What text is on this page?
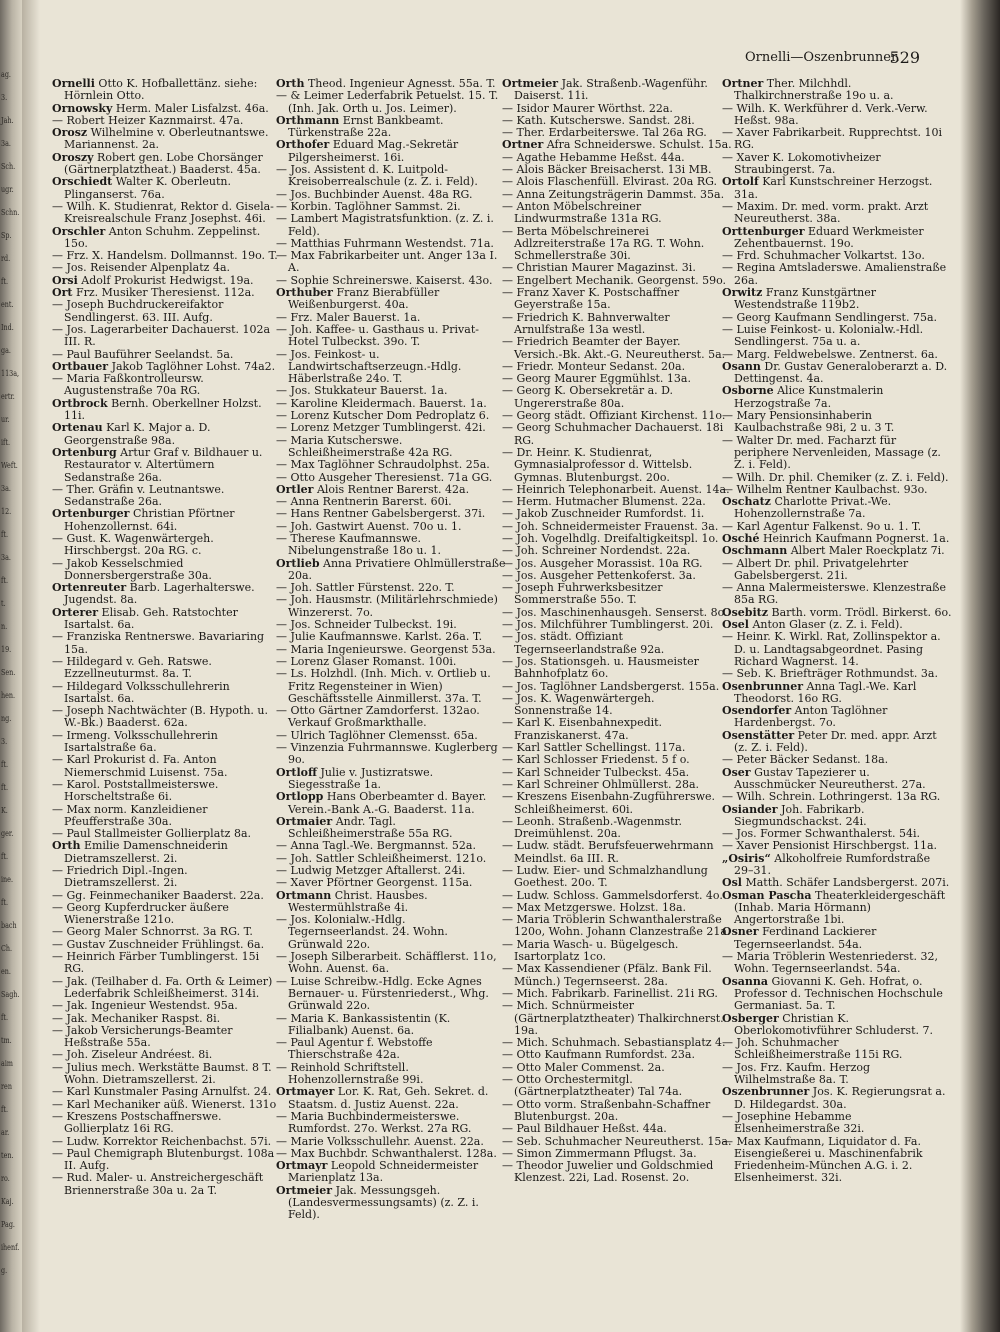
ag.
3.
Jah.
3a.
Sch.
ugr.
Schn.
Sp.
rd.
ft.
ent.
Ind.
ga.
113a,
ertr.
ur.
ift.
Weft.
3a.
12.
ft.
3a.
ft.
t.
n.
19.
Sen.
hen.
ng.
3.
ft.
ft.
K.
ger.
ft.
ine.
ft.
bach
Ch.
en.
Sagh.
ft.
tm.
aim
ren
ft.
ar.
ten.
ro.
Kaj.
Pag.
ihenf.
g.
Ornelli—Oszenbrunner.
529
Ornelli Otto K. Hofballettänz. siehe: Hörnlein Otto.
Ornowsky Herm. Maler Lisfalzst. 46a.
— Robert Heizer Kaznmairst. 47a.
Orosz Wilhelmine v. Oberleutnantswe. Mariannenst. 2a.
Oroszy Robert gen. Lobe Chorsänger (Gärtnerplatztheat.) Baaderst. 45a.
Orschiedt Walter K. Oberleutn. Plinganserst. 76a.
— Wilh. K. Studienrat, Rektor d. Gisela-Kreisrealschule Franz Josephst. 46i.
Orschler Anton Schuhm. Zeppelinst. 15o.
— Frz. X. Handelsm. Dollmannst. 19o. T.
— Jos. Reisender Alpenplatz 4a.
Orsi Adolf Prokurist Hedwigst. 19a.
Ort Frz. Musiker Theresienst. 112a.
— Joseph Buchdruckereifaktor Sendlingerst. 63. III. Aufg.
— Jos. Lagerarbeiter Dachauerst. 102a III. R.
— Paul Bauführer Seelandst. 5a.
Ortbauer Jakob Taglöhner Lohst. 74a2.
— Maria Faßkontrolleursw. Augustenstraße 70a RG.
Ortbrock Bernh. Oberkellner Holzst. 11i.
Ortenau Karl K. Major a. D. Georgenstraße 98a.
Ortenburg Artur Graf v. Bildhauer u. Restaurator v. Altertümern Sedanstraße 26a.
— Ther. Gräfin v. Leutnantswe. Sedanstraße 26a.
Ortenburger Christian Pförtner Hohenzollernst. 64i.
— Gust. K. Wagenwärtergeh. Hirschbergst. 20a RG. c.
— Jakob Kesselschmied Donnersbergerstraße 30a.
Ortenreuter Barb. Lagerhalterswe. Jugendst. 8a.
Orterer Elisab. Geh. Ratstochter Isartalst. 6a.
— Franziska Rentnerswe. Bavariaring 15a.
— Hildegard v. Geh. Ratswe. Ezzellneuturmst. 8a. T.
— Hildegard Volksschullehrerin Isartalst. 6a.
— Joseph Nachtwächter (B. Hypoth. u. W.-Bk.) Baaderst. 62a.
— Irmeng. Volksschullehrerin Isartalstraße 6a.
— Karl Prokurist d. Fa. Anton Niemerschmid Luisenst. 75a.
— Karol. Poststallmeisterswe. Horscheltstraße 6i.
— Max norm. Kanzleidiener Pfeufferstraße 30a.
— Paul Stallmeister Gollierplatz 8a.
Orth Emilie Damenschneiderin Dietramszellerst. 2i.
— Friedrich Dipl.-Ingen. Dietramszellerst. 2i.
— Gg. Feinmechaniker Baaderst. 22a.
— Georg Kupferdrucker äußere Wienerstraße 121o.
— Georg Maler Schnorrst. 3a RG. T.
— Gustav Zuschneider Frühlingst. 6a.
— Heinrich Färber Tumblingerst. 15i RG.
— Jak. (Teilhaber d. Fa. Orth & Leimer) Lederfabrik Schleißheimerst. 314i.
— Jak. Ingenieur Westendst. 95a.
— Jak. Mechaniker Raspst. 8i.
— Jakob Versicherungs-Beamter Heßstraße 55a.
— Joh. Ziseleur Andréest. 8i.
— Julius mech. Werkstätte Baumst. 8 T. Wohn. Dietramszellerst. 2i.
— Karl Kunstmaler Pasing Arnulfst. 24.
— Karl Mechaniker aüß. Wienerst. 131o
— Kreszens Postschaffnerswe. Gollierplatz 16i RG.
— Ludw. Korrektor Reichenbachst. 57i.
— Paul Chemigraph Blutenburgst. 108a II. Aufg.
— Rud. Maler- u. Anstreichergeschäft Briennerstraße 30a u. 2a T.
Orth Theod. Ingenieur Agnesst. 55a. T.
— & Leimer Lederfabrik Petuelst. 15. T. (Inh. Jak. Orth u. Jos. Leimer).
Orthmann Ernst Bankbeamt. Türkenstraße 22a.
Orthofer Eduard Mag.-Sekretär Pilgersheimerst. 16i.
— Jos. Assistent d. K. Luitpold-Kreisoberrealschule (z. Z. i. Feld).
— Jos. Buchbinder Auenst. 48a RG.
— Korbin. Taglöhner Sammst. 2i.
— Lambert Magistratsfunktion. (z. Z. i. Feld).
— Matthias Fuhrmann Westendst. 71a.
— Max Fabrikarbeiter unt. Anger 13a I. A.
— Sophie Schreinerswe. Kaiserst. 43o.
Orthuber Franz Bierabfüller Weißenburgerst. 40a.
— Frz. Maler Bauerst. 1a.
— Joh. Kaffee- u. Gasthaus u. Privat-Hotel Tulbeckst. 39o. T.
— Jos. Feinkost- u. Landwirtschaftserzeugn.-Hdlg. Häberlstraße 24o. T.
— Jos. Stukkateur Bauerst. 1a.
— Karoline Kleidermach. Bauerst. 1a.
— Lorenz Kutscher Dom Pedroplatz 6.
— Lorenz Metzger Tumblingerst. 42i.
— Maria Kutscherswe. Schleißheimerstraße 42a RG.
— Max Taglöhner Schraudolphst. 25a.
— Otto Ausgeher Theresienst. 71a GG.
Ortler Alois Rentner Barerst. 42a.
— Anna Rentnerin Barerst. 60i.
— Hans Rentner Gabelsbergerst. 37i.
— Joh. Gastwirt Auenst. 70o u. 1.
— Therese Kaufmannswe. Nibelungenstraße 18o u. 1.
Ortlieb Anna Privatiere Ohlmüllerstraße 20a.
— Joh. Sattler Fürstenst. 22o. T.
— Joh. Hausmstr. (Militärlehrschmiede) Winzererst. 7o.
— Jos. Schneider Tulbeckst. 19i.
— Julie Kaufmannswe. Karlst. 26a. T.
— Maria Ingenieurswe. Georgenst 53a.
— Lorenz Glaser Romanst. 100i.
— Ls. Holzhdl. (Inh. Mich. v. Ortlieb u. Fritz Regensteiner in Wien) Geschäftsstelle Ainmillerst. 37a. T.
— Otto Gärtner Zamdorferst. 132ao. Verkauf Großmarkthalle.
— Ulrich Taglöhner Clemensst. 65a.
— Vinzenzia Fuhrmannswe. Kuglerberg 9o.
Ortloff Julie v. Justizratswe. Siegesstraße 1a.
Ortlopp Hans Oberbeamter d. Bayer. Verein.-Bank A.-G. Baaderst. 11a.
Ortmaier Andr. Tagl. Schleißheimerstraße 55a RG.
— Anna Tagl.-We. Bergmannst. 52a.
— Joh. Sattler Schleißheimerst. 121o.
— Ludwig Metzger Aftallerst. 24i.
— Xaver Pförtner Georgenst. 115a.
Ortmann Christ. Hausbes. Westermühlstraße 4i.
— Jos. Kolonialw.-Hdlg. Tegernseerlandst. 24. Wohn. Grünwald 22o.
— Joseph Silberarbeit. Schäfflerst. 11o, Wohn. Auenst. 6a.
— Luise Schreibw.-Hdlg. Ecke Agnes Bernauer- u. Fürstenriederst., Whg. Grünwald 22o.
— Maria K. Bankassistentin (K. Filialbank) Auenst. 6a.
— Paul Agentur f. Webstoffe Thierschstraße 42a.
— Reinhold Schriftstell. Hohenzollernstraße 99i.
Ortmayer Lor. K. Rat, Geh. Sekret. d. Staatsm. d. Justiz Auenst. 22a.
— Maria Buchbindermeisterswe. Rumfordst. 27o. Werkst. 27a RG.
— Marie Volksschullehr. Auenst. 22a.
— Max Buchbdr. Schwanthalerst. 128a.
Ortmayr Leopold Schneidermeister Marienplatz 13a.
Ortmeier Jak. Messungsgeh. (Landesvermessungsamts) (z. Z. i. Feld).
Ortmeier Jak. Straßenb.-Wagenführ. Daiserst. 11i.
— Isidor Maurer Wörthst. 22a.
— Kath. Kutscherswe. Sandst. 28i.
— Ther. Erdarbeiterswe. Tal 26a RG.
Ortner Afra Schneiderswe. Schulst. 15a.
— Agathe Hebamme Heßst. 44a.
— Alois Bäcker Breisacherst. 13i MB.
— Alois Flaschenfüll. Elvirast. 20a RG.
— Anna Zeitungsträgerin Dammst. 35a.
— Anton Möbelschreiner Lindwurmstraße 131a RG.
— Berta Möbelschreinerei Adlzreiterstraße 17a RG. T. Wohn. Schmellerstraße 30i.
— Christian Maurer Magazinst. 3i.
— Engelbert Mechanik. Georgenst. 59o.
— Franz Xaver K. Postschaffner Geyerstraße 15a.
— Friedrich K. Bahnverwalter Arnulfstraße 13a westl.
— Friedrich Beamter der Bayer. Versich.-Bk. Akt.-G. Neureutherst. 5a.
— Friedr. Monteur Sedanst. 20a.
— Georg Maurer Eggmühlst. 13a.
— Georg K. Obersekretär a. D. Ungererstraße 80a.
— Georg städt. Offiziant Kirchenst. 11o.
— Georg Schuhmacher Dachauerst. 18i RG.
— Dr. Heinr. K. Studienrat, Gymnasialprofessor d. Wittelsb. Gymnas. Blutenburgst. 20o.
— Heinrich Telephonarbeit. Auenst. 14a.
— Herm. Hutmacher Blumenst. 22a.
— Jakob Zuschneider Rumfordst. 1i.
— Joh. Schneidermeister Frauenst. 3a.
— Joh. Vogelhdlg. Dreifaltigkeitspl. 1o.
— Joh. Schreiner Nordendst. 22a.
— Jos. Ausgeher Morassist. 10a RG.
— Jos. Ausgeher Pettenkoferst. 3a.
— Joseph Fuhrwerksbesitzer Sommerstraße 55o. T.
— Jos. Maschinenhausgeh. Senserst. 8o.
— Jos. Milchführer Tumblingerst. 20i.
— Jos. städt. Offiziant Tegernseerlandstraße 92a.
— Jos. Stationsgeh. u. Hausmeister Bahnhofplatz 6o.
— Jos. Taglöhner Landsbergerst. 155a.
— Jos. K. Wagenwärtergeh. Sonnenstraße 14.
— Karl K. Eisenbahnexpedit. Franziskanerst. 47a.
— Karl Sattler Schellingst. 117a.
— Karl Schlosser Friedenst. 5 f o.
— Karl Schneider Tulbeckst. 45a.
— Karl Schreiner Ohlmüllerst. 28a.
— Kreszens Eisenbahn-Zugführerswe. Schleißheimerst. 60i.
— Leonh. Straßenb.-Wagenmstr. Dreimühlenst. 20a.
— Ludw. städt. Berufsfeuerwehrmann Meindlst. 6a III. R.
— Ludw. Eier- und Schmalzhandlung Goethest. 20o. T.
— Ludw. Schloss. Gammelsdorferst. 4o.
— Max Metzgerswe. Holzst. 18a.
— Maria Tröblerin Schwanthalerstraße 120o, Wohn. Johann Clanzestraße 21a.
— Maria Wasch- u. Bügelgesch. Isartorplatz 1co.
— Max Kassendiener (Pfälz. Bank Fil. Münch.) Tegernseerst. 28a.
— Mich. Fabrikarb. Farinellist. 21i RG.
— Mich. Schnürmeister (Gärtnerplatztheater) Thalkirchnerst. 19a.
— Mich. Schuhmach. Sebastiansplatz 4.
— Otto Kaufmann Rumfordst. 23a.
— Otto Maler Commenst. 2a.
— Otto Orchestermitgl. (Gärtnerplatztheater) Tal 74a.
— Otto vorm. Straßenbahn-Schaffner Blutenburgst. 20a.
— Paul Bildhauer Heßst. 44a.
— Seb. Schuhmacher Neureutherst. 15a.
— Simon Zimmermann Pflugst. 3a.
— Theodor Juwelier und Goldschmied Klenzest. 22i, Lad. Rosenst. 2o.
Ortner Ther. Milchhdl. Thalkirchnerstraße 19o u. a.
— Wilh. K. Werkführer d. Verk.-Verw. Heßst. 98a.
— Xaver Fabrikarbeit. Rupprechtst. 10i RG.
— Xaver K. Lokomotivheizer Straubingerst. 7a.
Ortolf Karl Kunstschreiner Herzogst. 31a.
— Maxim. Dr. med. vorm. prakt. Arzt Neureutherst. 38a.
Orttenburger Eduard Werkmeister Zehentbauernst. 19o.
— Frd. Schuhmacher Volkartst. 13o.
— Regina Amtsladerswe. Amalienstraße 26a.
Orwitz Franz Kunstgärtner Westendstraße 119b2.
— Georg Kaufmann Sendlingerst. 75a.
— Luise Feinkost- u. Kolonialw.-Hdl. Sendlingerst. 75a u. a.
— Marg. Feldwebelswe. Zentnerst. 6a.
Osann Dr. Gustav Generaloberarzt a. D. Dettingenst. 4a.
Osborne Alice Kunstmalerin Herzogstraße 7a.
— Mary Pensionsinhaberin Kaulbachstraße 98i, 2 u. 3 T.
— Walter Dr. med. Facharzt für periphere Nervenleiden, Massage (z. Z. i. Feld).
— Wilh. Dr. phil. Chemiker (z. Z. i. Feld).
— Wilhelm Rentner Kaulbachst. 93o.
Oschatz Charlotte Privat.-We. Hohenzollernstraße 7a.
— Karl Agentur Falkenst. 9o u. 1. T.
Osché Heinrich Kaufmann Pognerst. 1a.
Oschmann Albert Maler Roeckplatz 7i.
— Albert Dr. phil. Privatgelehrter Gabelsbergerst. 21i.
— Anna Malermeisterswe. Klenzestraße 85a RG.
Osebitz Barth. vorm. Trödl. Birkerst. 6o.
Osel Anton Glaser (z. Z. i. Feld).
— Heinr. K. Wirkl. Rat, Zollinspektor a. D. u. Landtagsabgeordnet. Pasing Richard Wagnerst. 14.
— Seb. K. Briefträger Rothmundst. 3a.
Osenbrunner Anna Tagl.-We. Karl Theodorst. 16o RG.
Osendorfer Anton Taglöhner Hardenbergst. 7o.
Osenstätter Peter Dr. med. appr. Arzt (z. Z. i. Feld).
— Peter Bäcker Sedanst. 18a.
Oser Gustav Tapezierer u. Ausschmücker Neureutherst. 27a.
— Wilh. Schrein. Lothringerst. 13a RG.
Osiander Joh. Fabrikarb. Siegmundschackst. 24i.
— Jos. Former Schwanthalerst. 54i.
— Xaver Pensionist Hirschbergst. 11a.
„Osiris“ Alkoholfreie Rumfordstraße 29–31.
Osl Matth. Schäfer Landsbergerst. 207i.
Osman Pascha Theaterkleidergeschäft (Inhab. Maria Hörmann) Angertorstraße 1bi.
Osner Ferdinand Lackierer Tegernseerlandst. 54a.
— Maria Tröblerin Westenriederst. 32, Wohn. Tegernseerlandst. 54a.
Osanna Giovanni K. Geh. Hofrat, o. Professor d. Technischen Hochschule Germaniast. 5a. T.
Osberger Christian K. Oberlokomotivführer Schluderst. 7.
— Joh. Schuhmacher Schleißheimerstraße 115i RG.
— Jos. Frz. Kaufm. Herzog Wilhelmstraße 8a. T.
Oszenbrunner Jos. K. Regierungsrat a. D. Hildegardst. 30a.
— Josephine Hebamme Elsenheimerstraße 32i.
— Max Kaufmann, Liquidator d. Fa. Eisengießerei u. Maschinenfabrik Friedenheim-München A.G. i. 2. Elsenheimerst. 32i.
